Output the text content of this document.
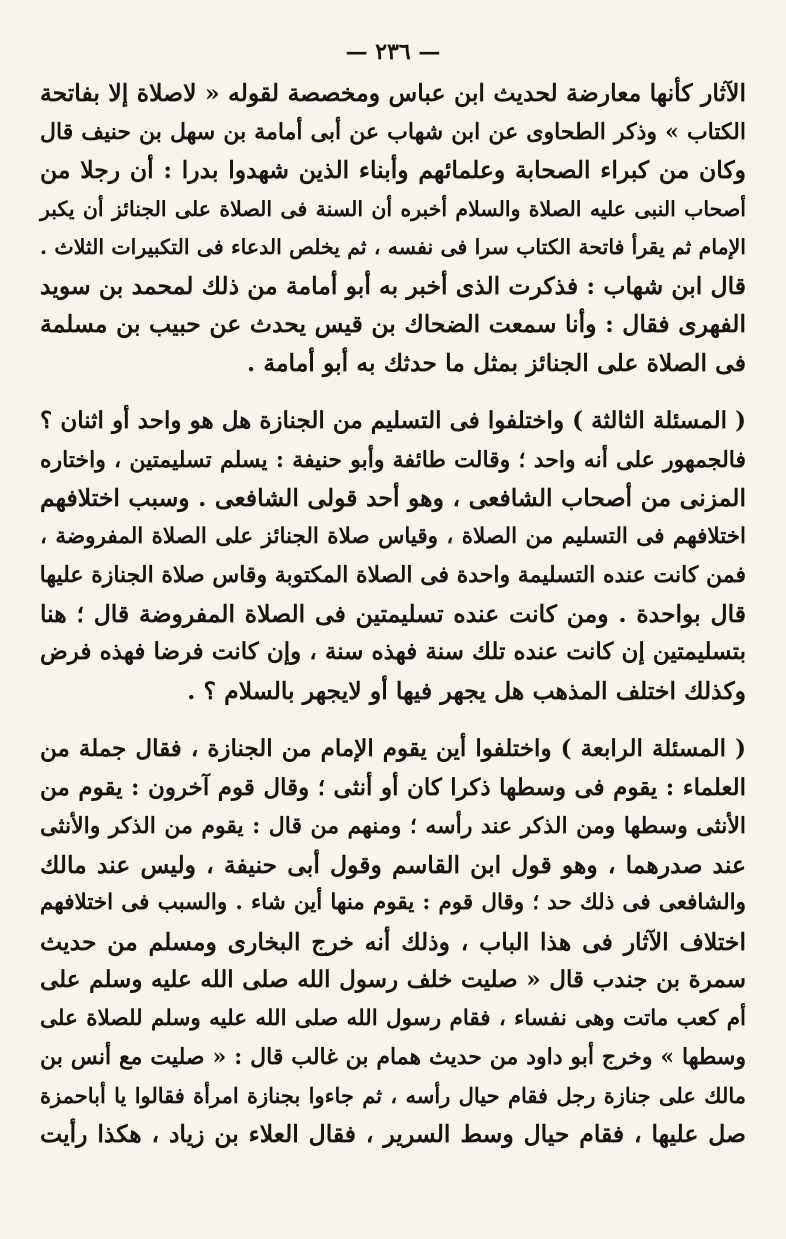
— ٢٣٦ —
الآثار كأنها معارضة لحديث ابن عباس ومخصصة لقوله « لاصلاة إلا بفاتحة
الكتاب » وذكر الطحاوى عن ابن شهاب عن أبى أمامة بن سهل بن حنيف قال
وكان من كبراء الصحابة وعلمائهم وأبناء الذين شهدوا بدرا : أن رجلا من
أصحاب النبى عليه الصلاة والسلام أخبره أن السنة فى الصلاة على الجنائز أن يكبر
الإمام ثم يقرأ فاتحة الكتاب سرا فى نفسه ، ثم يخلص الدعاء فى التكبيرات الثلاث .
قال ابن شهاب : فذكرت الذى أخبر به أبو أمامة من ذلك لمحمد بن سويد
الفهرى فقال : وأنا سمعت الضحاك بن قيس يحدث عن حبيب بن مسلمة
فى الصلاة على الجنائز بمثل ما حدثك به أبو أمامة .
( المسئلة الثالثة ) واختلفوا فى التسليم من الجنازة هل هو واحد أو اثنان ؟
فالجمهور على أنه واحد ؛ وقالت طائفة وأبو حنيفة : يسلم تسليمتين ، واختاره
المزنى من أصحاب الشافعى ، وهو أحد قولى الشافعى . وسبب اختلافهم
اختلافهم فى التسليم من الصلاة ، وقياس صلاة الجنائز على الصلاة المفروضة ،
فمن كانت عنده التسليمة واحدة فى الصلاة المكتوبة وقاس صلاة الجنازة عليها
قال بواحدة . ومن كانت عنده تسليمتين فى الصلاة المفروضة قال ؛ هنا
بتسليمتين إن كانت عنده تلك سنة فهذه سنة ، وإن كانت فرضا فهذه فرض
وكذلك اختلف المذهب هل يجهر فيها أو لايجهر بالسلام ؟ .
( المسئلة الرابعة ) واختلفوا أين يقوم الإمام من الجنازة ، فقال جملة من
العلماء : يقوم فى وسطها ذكرا كان أو أنثى ؛ وقال قوم آخرون : يقوم من
الأنثى وسطها ومن الذكر عند رأسه ؛ ومنهم من قال : يقوم من الذكر والأنثى
عند صدرهما ، وهو قول ابن القاسم وقول أبى حنيفة ، وليس عند مالك
والشافعى فى ذلك حد ؛ وقال قوم : يقوم منها أين شاء . والسبب فى اختلافهم
اختلاف الآثار فى هذا الباب ، وذلك أنه خرج البخارى ومسلم من حديث
سمرة بن جندب قال « صليت خلف رسول الله صلى الله عليه وسلم على
أم كعب ماتت وهى نفساء ، فقام رسول الله صلى الله عليه وسلم للصلاة على
وسطها » وخرج أبو داود من حديث همام بن غالب قال : « صليت مع أنس بن
مالك على جنازة رجل فقام حيال رأسه ، ثم جاءوا بجنازة امرأة فقالوا يا أباحمزة
صل عليها ، فقام حيال وسط السرير ، فقال العلاء بن زياد ، هكذا رأيت
